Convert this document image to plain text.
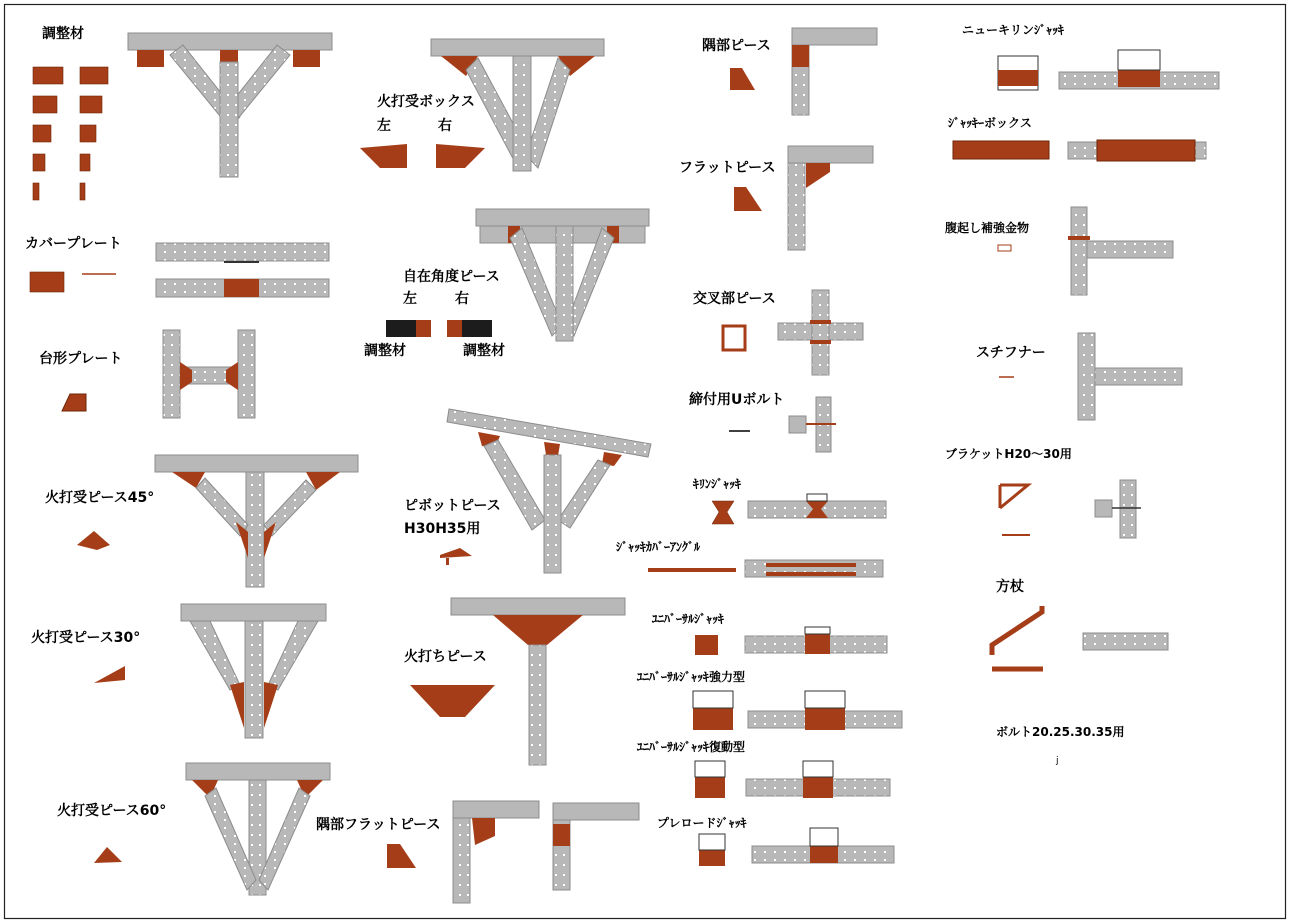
調整材
カバープレート
台形プレート
火打受ピース45°
火打受ピース30°
火打受ピース60°
火打受ボックス
左	右
自在角度ピース
左	右
調整材	調整材
ピボットピース
H30H35用
火打ちピース
隅部フラットピース
隅部ピース
フラットピース
交叉部ピース
締付用Uボルト
ｷﾘﾝｼﾞｬｯｷ
ｼﾞｬｯｷｶﾊﾞｰｱﾝｸﾞﾙ
ﾕﾆﾊﾞｰｻﾙｼﾞｬｯｷ
ﾕﾆﾊﾞｰｻﾙｼﾞｬｯｷ強力型
ﾕﾆﾊﾞｰｻﾙｼﾞｬｯｷ復動型
プレロードｼﾞｬｯｷ
ニューキリンｼﾞｬｯｷ
ｼﾞｬｯｷｰボックス
腹起し補強金物
スチフナー
ブラケットH20～30用
方杖
ボルト20.25.30.35用
j
